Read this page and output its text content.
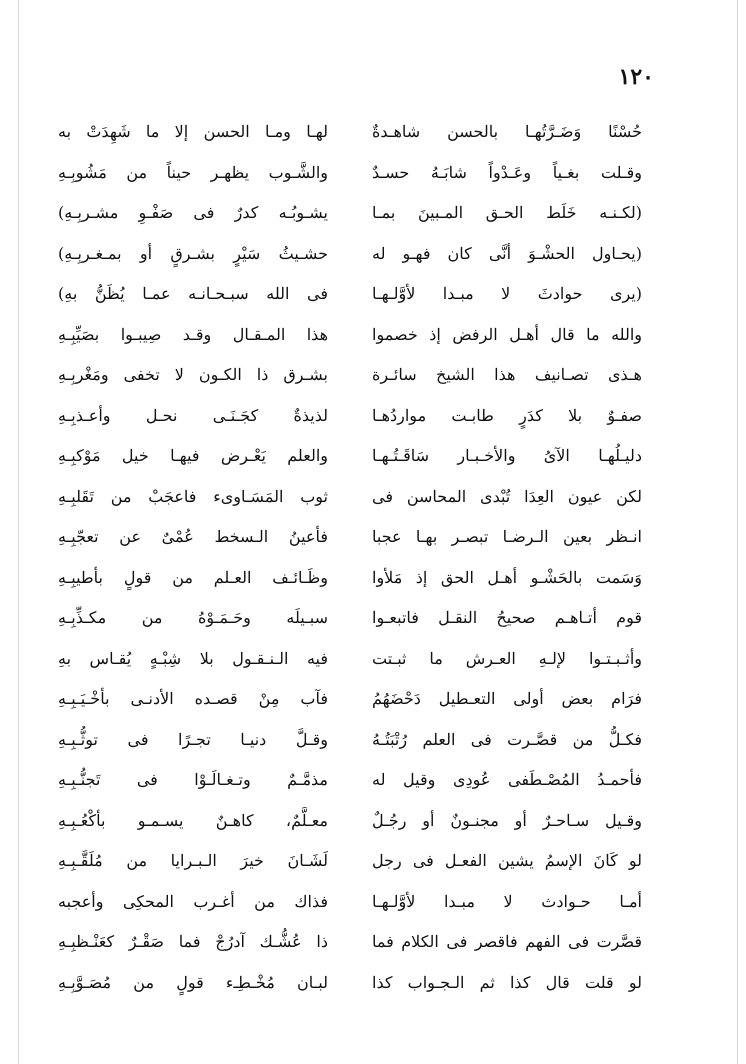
١٢٠
حُسْنًا وَضَـرَّتُهـا بالحسن شاهـدةٌ
وقـلت بغـياً وعَـدْواً شابَـهُ حسـدٌ
(لكـنـه خَلَط الحـق المـبينَ بمـا
(يحـاول الحشْـوَ أنَّى كان فهـو له
(يرى حوادثَ لا مبـدا لأوَّلـهـا
والله ما قال أهـل الرفض إذ خصموا
هـذى تصـانيف هذا الشيخ سائـرة
صفـوٌ بلا كدَرٍ طابـت مواردُهـا
دليـلُهـا الآىُ والأخـبـار سَاقَـتُـهـا
لكن عيون العِدَا تُبْدى المحاسن فى
انـظر بعين الـرضـا تبصـر بهـا عجبا
وَسَمت بالحَشْـو أهـل الحق إذ مَلأوا
قوم أتـاهـم صحيحُ النقـل فاتبعـوا
وأثـبـتـوا لإلـهِ العـرش ما ثبـتت
فرَام بعض أولى التعـطيل دَحْضَهُمُ
فكـلُّ من قصَّـرت فى العلم رُتْبَتُـهُ
فأحمـدُ المُصْـطَفى عُودِى وقيل له
وقـيل سـاحـرٌ أو مجنـونٌ أو رجُـلٌ
لو كَانَ الإسمُ يشين الفعـل فى رجل
أمـا حـوادث لا مبـدا لأوَّلـهـا
قصَّرت فى الفهم فاقصر فى الكلام فما
لو قلت قال كذا ثم الـجـواب كذا
لهـا ومـا الحسن إلا ما شَهِدَتْ به
والشَّـوب يظهـر حيناً من مَشُوبِـهِ
يشـوبُـه كدرٌ فى صَفْـوِ مشـربِـهِ)
حشـيثُ سَيْرٍ بشـرقٍ أو بمـغـربِـهِ)
فى الله سبـحـانـه عمـا يُظَنُّ بهِ)
هذا المـقـال وقـد صِيبـوا بصَيِّبِـهِ
بشـرق ذا الكـون لا تخفى ومَغْربِـهِ
لذيذةٌ كجَـنَـى نحـل وأعـذبِـهِ
والعلم يَعْـرض فيهـا خيل مَوْكبِـهِ
ثوب المَسَـاوىء فاعجَبْ من تَقَلبِـهِ
فأعينُ الـسخط عُمْىٌ عن تعجّبِـهِ
وظَـائـف العـلم من قولٍ بأطيبِـهِ
سبـيلَه وحَـمَـوْهُ من مكـذِّبِـهِ
فيه الـنـقـول بلا شِبْـهٍ يُقـاس بهِ
فآب مِنْ قصـده الأدنـى بأخْـيَـبِـهِ
وقـلَّ دنيـا تجـرًا فى توثُّـبِـهِ
مذمَّـمٌ وتـغـالَـوْا فى تَجنُّـبِـهِ
معـلَّمٌ، كاهـنٌ يسـمـو بأكْعُـبِـهِ
لَشَـانَ خيرَ الـبـرايا من مُلَقَّـبِـهِ
فذاك من أغـرب المحكِى وأعجبه
ذا عُشُّـك آدرُجْ فما صَقْـرٌ كعَنْـظبِـهِ
لبـان مُخْـطِـء قولٍ من مُصَـوَّبِـهِ
